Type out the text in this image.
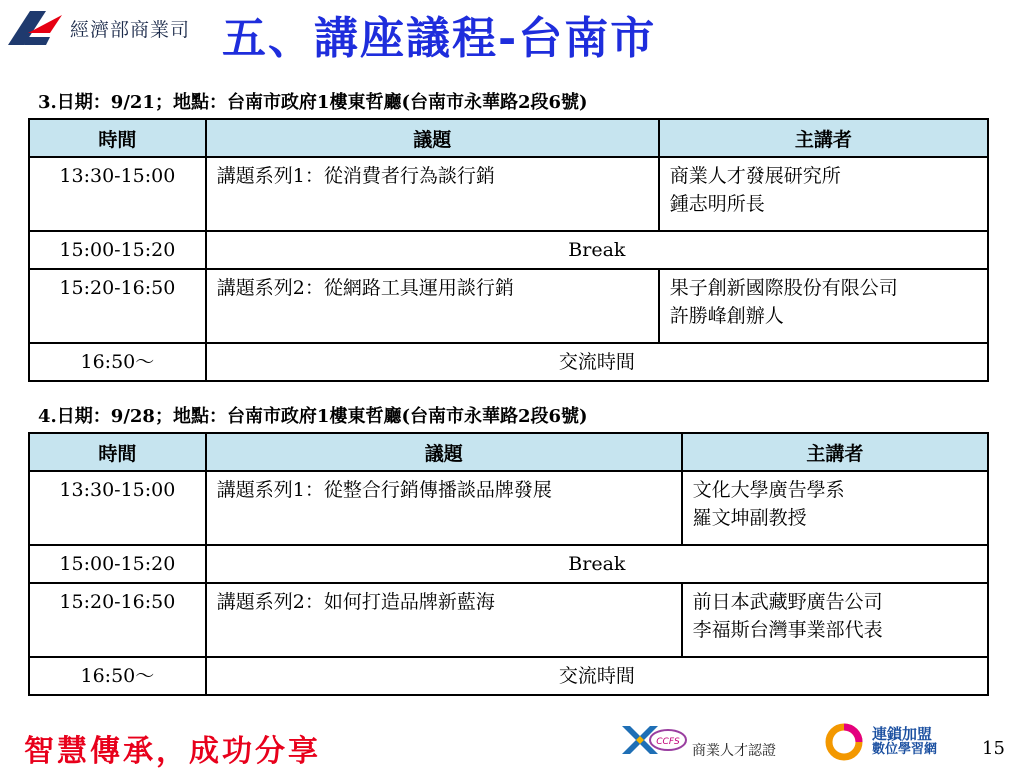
經濟部商業司 五、講座議程-台南市
3.日期：9/21；地點：台南市政府1樓東哲廳(台南市永華路2段6號)
時間	議題	主講者
13:30-15:00	講題系列1：從消費者行為談行銷	商業人才發展研究所
鍾志明所長

15:00-15:20	Break	
15:20-16:50	講題系列2：從網路工具運用談行銷	果子創新國際股份有限公司
許勝峰創辦人

16:50～	交流時間	
4.日期：9/28；地點：台南市政府1樓東哲廳(台南市永華路2段6號)
時間	議題	主講者
13:30-15:00	講題系列1：從整合行銷傳播談品牌發展	文化大學廣告學系
羅文坤副教授

15:00-15:20	Break	
15:20-16:50	講題系列2：如何打造品牌新藍海	前日本武藏野廣告公司
李福斯台灣事業部代表

16:50～	交流時間	
智慧傳承，成功分享	CCFS
商業人才認證
連鎖加盟
數位學習網 15
